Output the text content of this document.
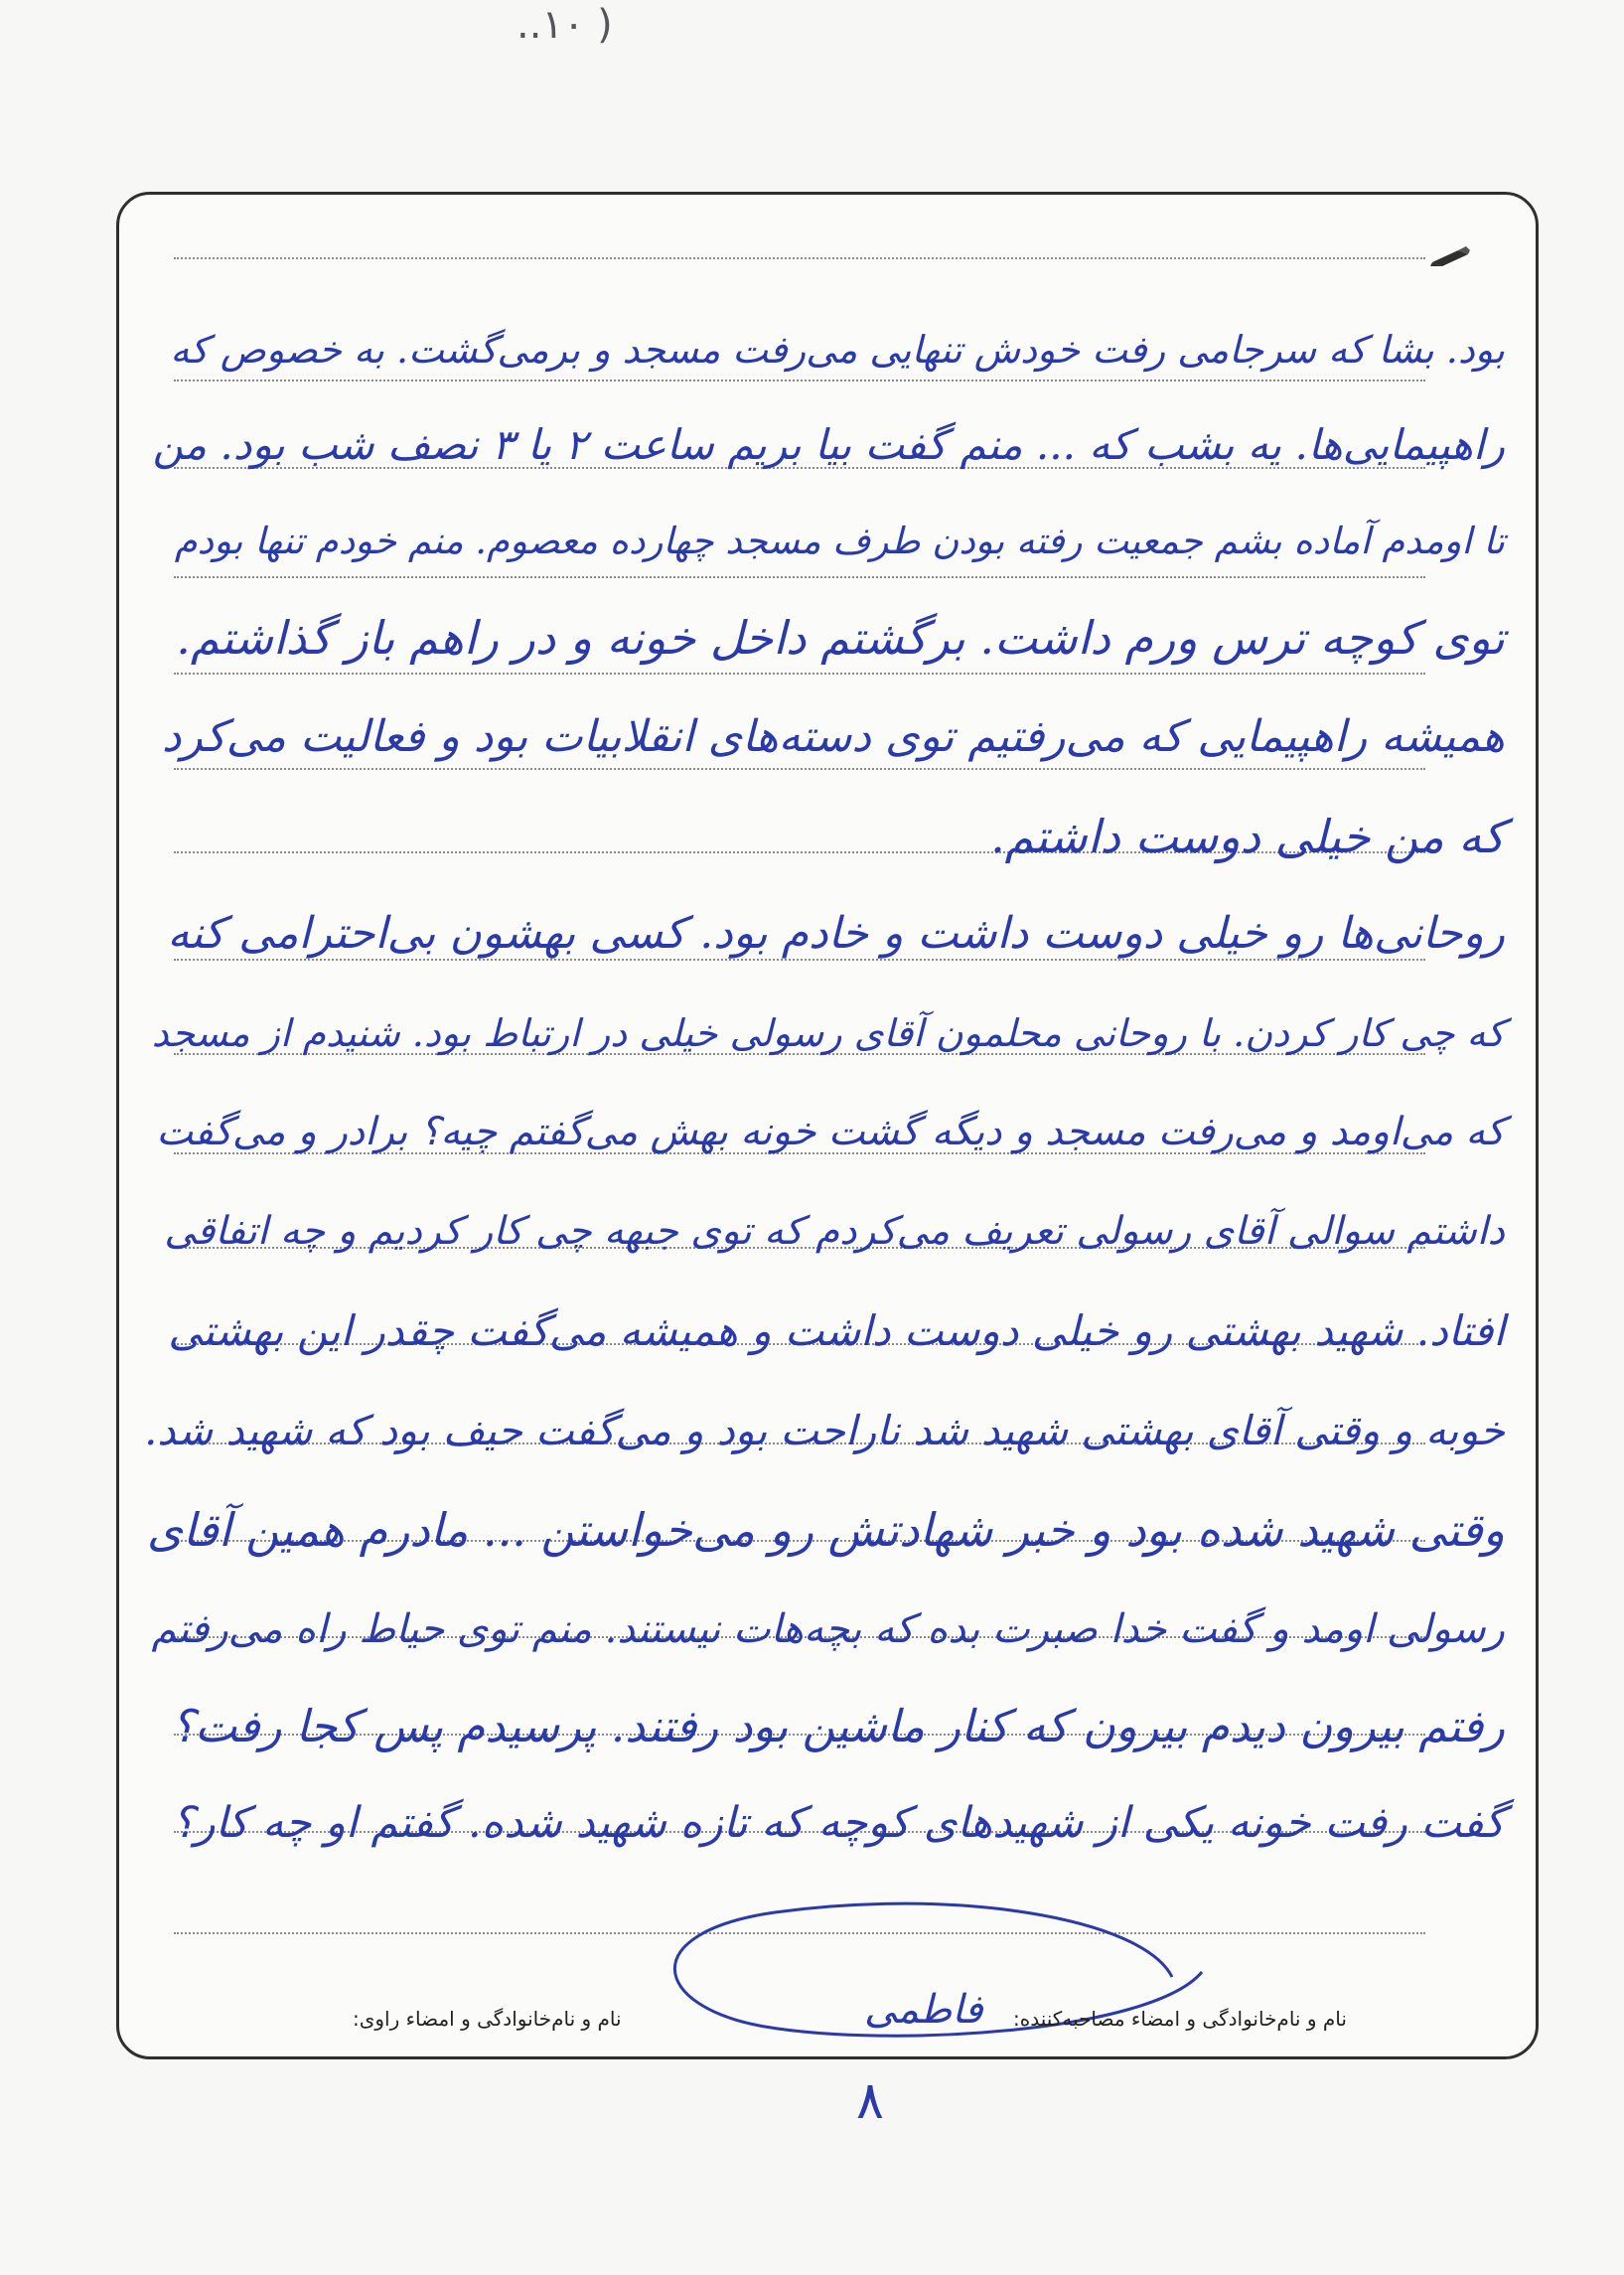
( ۱۰..
بود. بشا که سرجامی رفت خودش تنهایی می‌رفت مسجد و برمی‌گشت. به خصوص که
راهپیمایی‌ها. یه بشب که ... منم گفت بیا بریم ساعت ۲ یا ۳ نصف شب بود. من
تا اومدم آماده بشم جمعیت رفته بودن طرف مسجد چهارده معصوم. منم خودم تنها بودم
توی کوچه ترس ورم داشت. برگشتم داخل خونه و در راهم باز گذاشتم.
همیشه راهپیمایی که می‌رفتیم توی دسته‌های انقلابیات بود و فعالیت می‌کرد
که من خیلی دوست داشتم.
روحانی‌ها رو خیلی دوست داشت و خادم بود. کسی بهشون بی‌احترامی کنه
که چی کار کردن. با روحانی محلمون آقای رسولی خیلی در ارتباط بود. شنیدم از مسجد
که می‌اومد و می‌رفت مسجد و دیگه گشت خونه بهش می‌گفتم چیه؟ برادر و می‌گفت
داشتم سوالی آقای رسولی تعریف می‌کردم که توی جبهه چی کار کردیم و چه اتفاقی
افتاد. شهید بهشتی رو خیلی دوست داشت و همیشه می‌گفت چقدر این بهشتی
خوبه و وقتی آقای بهشتی شهید شد ناراحت بود و می‌گفت حیف بود که شهید شد.
وقتی شهید شده بود و خبر شهادتش رو می‌خواستن ... مادرم همین آقای
رسولی اومد و گفت خدا صبرت بده که بچه‌هات نیستند. منم توی حیاط راه می‌رفتم
رفتم بیرون دیدم بیرون که کنار ماشین بود رفتند. پرسیدم پس کجا رفت؟
گفت رفت خونه یکی از شهیدهای کوچه که تازه شهید شده. گفتم او چه کار؟
نام و نام‌خانوادگی و امضاء مصاحبه‌کننده:
فاطمی
نام و نام‌خانوادگی و امضاء راوی:
۸
